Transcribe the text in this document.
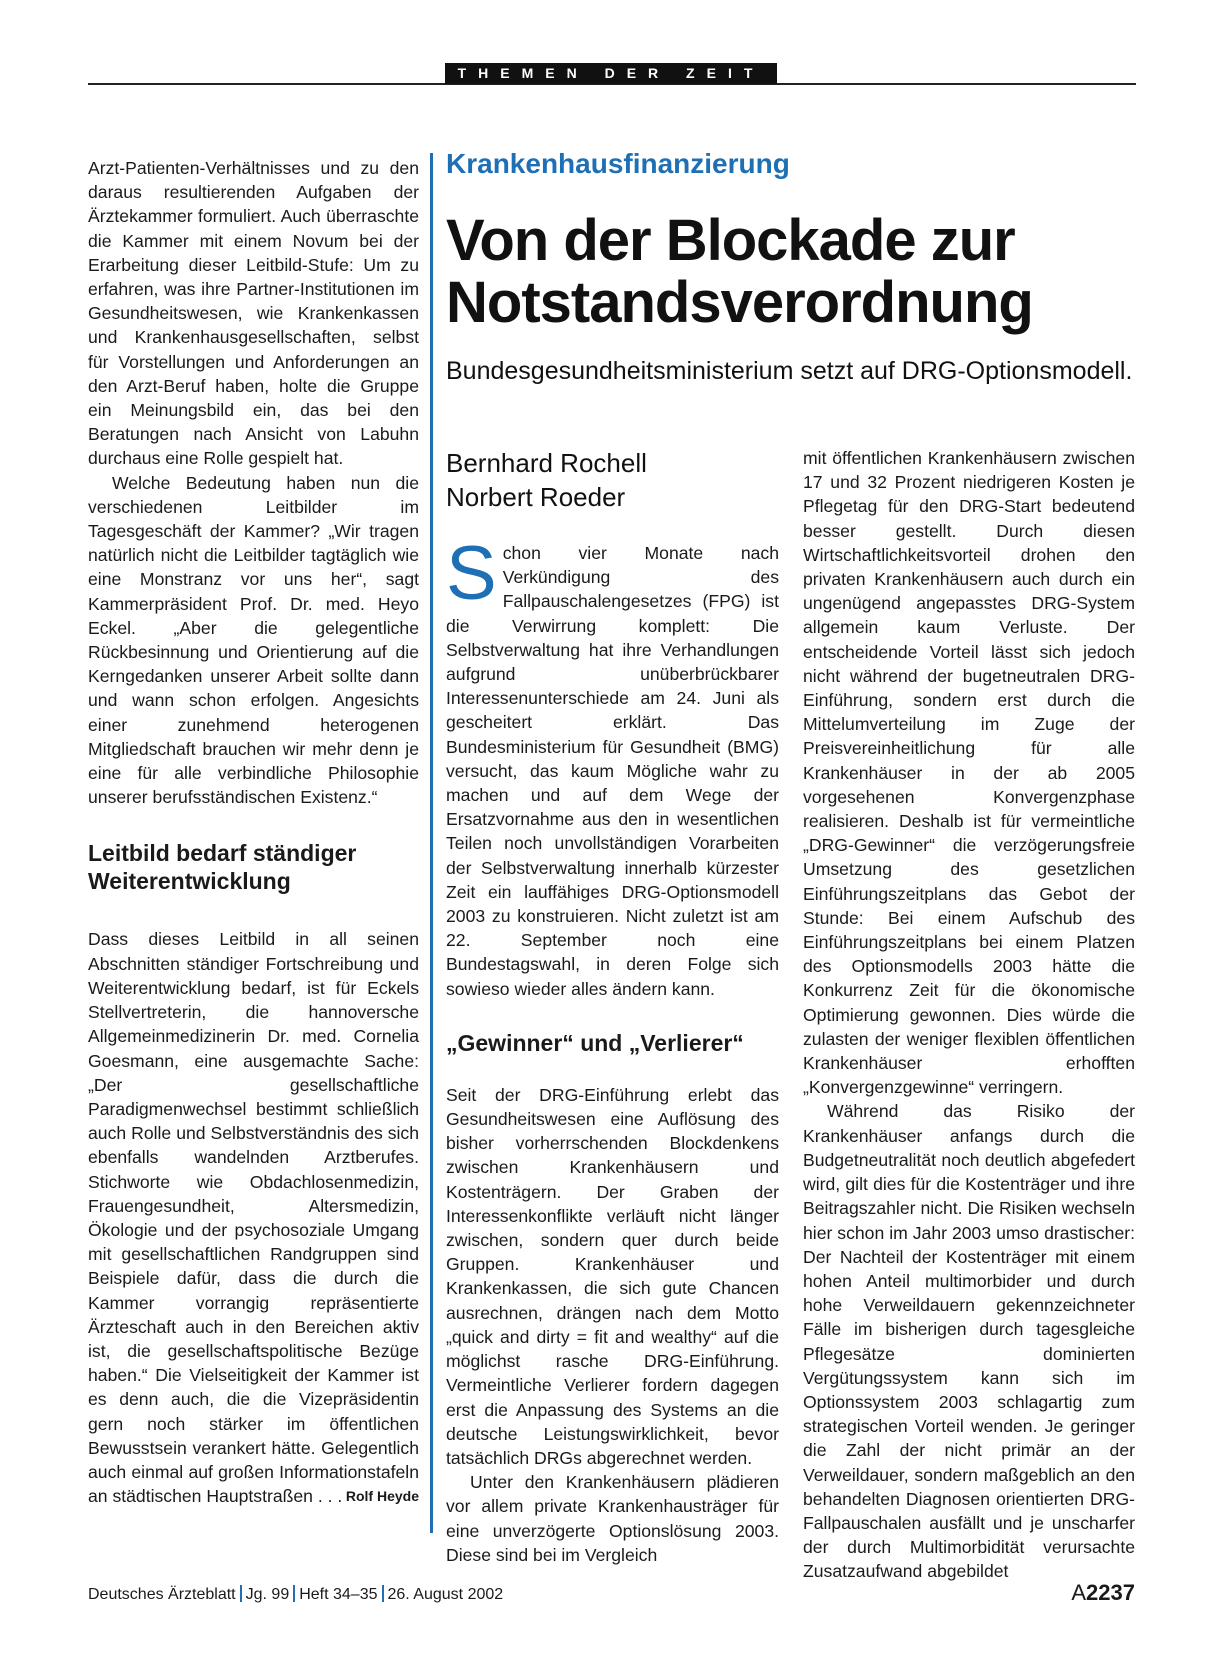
THEMEN DER ZEIT

Arzt-Patienten-Verhältnisses und zu den daraus resultierenden Aufgaben der Ärztekammer formuliert. Auch überraschte die Kammer mit einem Novum bei der Erarbeitung dieser Leitbild-Stufe: Um zu erfahren, was ihre Partner-Institutionen im Gesundheitswesen, wie Krankenkassen und Krankenhausgesellschaften, selbst für Vorstellungen und Anforderungen an den Arzt-Beruf haben, holte die Gruppe ein Meinungsbild ein, das bei den Beratungen nach Ansicht von Labuhn durchaus eine Rolle gespielt hat.

Welche Bedeutung haben nun die verschiedenen Leitbilder im Tagesgeschäft der Kammer? „Wir tragen natürlich nicht die Leitbilder tagtäglich wie eine Monstranz vor uns her“, sagt Kammerpräsident Prof. Dr. med. Heyo Eckel. „Aber die gelegentliche Rückbesinnung und Orientierung auf die Kerngedanken unserer Arbeit sollte dann und wann schon erfolgen. Angesichts einer zunehmend heterogenen Mitgliedschaft brauchen wir mehr denn je eine für alle verbindliche Philosophie unserer berufsständischen Existenz.“

Leitbild bedarf ständiger Weiterentwicklung

Dass dieses Leitbild in all seinen Abschnitten ständiger Fortschreibung und Weiterentwicklung bedarf, ist für Eckels Stellvertreterin, die hannoversche Allgemeinmedizinerin Dr. med. Cornelia Goesmann, eine ausgemachte Sache: „Der gesellschaftliche Paradigmenwechsel bestimmt schließlich auch Rolle und Selbstverständnis des sich ebenfalls wandelnden Arztberufes. Stichworte wie Obdachlosenmedizin, Frauengesundheit, Altersmedizin, Ökologie und der psychosoziale Umgang mit gesellschaftlichen Randgruppen sind Beispiele dafür, dass die durch die Kammer vorrangig repräsentierte Ärzteschaft auch in den Bereichen aktiv ist, die gesellschaftspolitische Bezüge haben.“ Die Vielseitigkeit der Kammer ist es denn auch, die die Vizepräsidentin gern noch stärker im öffentlichen Bewusstsein verankert hätte. Gelegentlich auch einmal auf großen Informationstafeln an städtischen Hauptstraßen . . . Rolf Heyde

Krankenhausfinanzierung
Von der Blockade zur Notstandsverordnung
Bundesgesundheitsministerium setzt auf DRG-Optionsmodell.
Bernhard Rochell
Norbert Roeder

Schon vier Monate nach Verkündigung des Fallpauschalengesetzes (FPG) ist die Verwirrung komplett: Die Selbstverwaltung hat ihre Verhandlungen aufgrund unüberbrückbarer Interessenunterschiede am 24. Juni als gescheitert erklärt. Das Bundesministerium für Gesundheit (BMG) versucht, das kaum Mögliche wahr zu machen und auf dem Wege der Ersatzvornahme aus den in wesentlichen Teilen noch unvollständigen Vorarbeiten der Selbstverwaltung innerhalb kürzester Zeit ein lauffähiges DRG-Optionsmodell 2003 zu konstruieren. Nicht zuletzt ist am 22. September noch eine Bundestagswahl, in deren Folge sich sowieso wieder alles ändern kann.

„Gewinner“ und „Verlierer“

Seit der DRG-Einführung erlebt das Gesundheitswesen eine Auflösung des bisher vorherrschenden Blockdenkens zwischen Krankenhäusern und Kostenträgern. Der Graben der Interessenkonflikte verläuft nicht länger zwischen, sondern quer durch beide Gruppen. Krankenhäuser und Krankenkassen, die sich gute Chancen ausrechnen, drängen nach dem Motto „quick and dirty = fit and wealthy“ auf die möglichst rasche DRG-Einführung. Vermeintliche Verlierer fordern dagegen erst die Anpassung des Systems an die deutsche Leistungswirklichkeit, bevor tatsächlich DRGs abgerechnet werden.

Unter den Krankenhäusern plädieren vor allem private Krankenhausträger für eine unverzögerte Optionslösung 2003. Diese sind bei im Vergleich

mit öffentlichen Krankenhäusern zwischen 17 und 32 Prozent niedrigeren Kosten je Pflegetag für den DRG-Start bedeutend besser gestellt. Durch diesen Wirtschaftlichkeitsvorteil drohen den privaten Krankenhäusern auch durch ein ungenügend angepasstes DRG-System allgemein kaum Verluste. Der entscheidende Vorteil lässt sich jedoch nicht während der bugetneutralen DRG-Einführung, sondern erst durch die Mittelumverteilung im Zuge der Preisvereinheitlichung für alle Krankenhäuser in der ab 2005 vorgesehenen Konvergenzphase realisieren. Deshalb ist für vermeintliche „DRG-Gewinner“ die verzögerungsfreie Umsetzung des gesetzlichen Einführungszeitplans das Gebot der Stunde: Bei einem Aufschub des Einführungszeitplans bei einem Platzen des Optionsmodells 2003 hätte die Konkurrenz Zeit für die ökonomische Optimierung gewonnen. Dies würde die zulasten der weniger flexiblen öffentlichen Krankenhäuser erhofften „Konvergenzgewinne“ verringern.

Während das Risiko der Krankenhäuser anfangs durch die Budgetneutralität noch deutlich abgefedert wird, gilt dies für die Kostenträger und ihre Beitragszahler nicht. Die Risiken wechseln hier schon im Jahr 2003 umso drastischer: Der Nachteil der Kostenträger mit einem hohen Anteil multimorbider und durch hohe Verweildauern gekennzeichneter Fälle im bisherigen durch tagesgleiche Pflegesätze dominierten Vergütungssystem kann sich im Optionssystem 2003 schlagartig zum strategischen Vorteil wenden. Je geringer die Zahl der nicht primär an der Verweildauer, sondern maßgeblich an den behandelten Diagnosen orientierten DRG-Fallpauschalen ausfällt und je unscharfer der durch Multimorbidität verursachte Zusatzaufwand abgebildet

Deutsches Ärzteblatt Jg. 99 Heft 34–35 26. August 2002	A2237
